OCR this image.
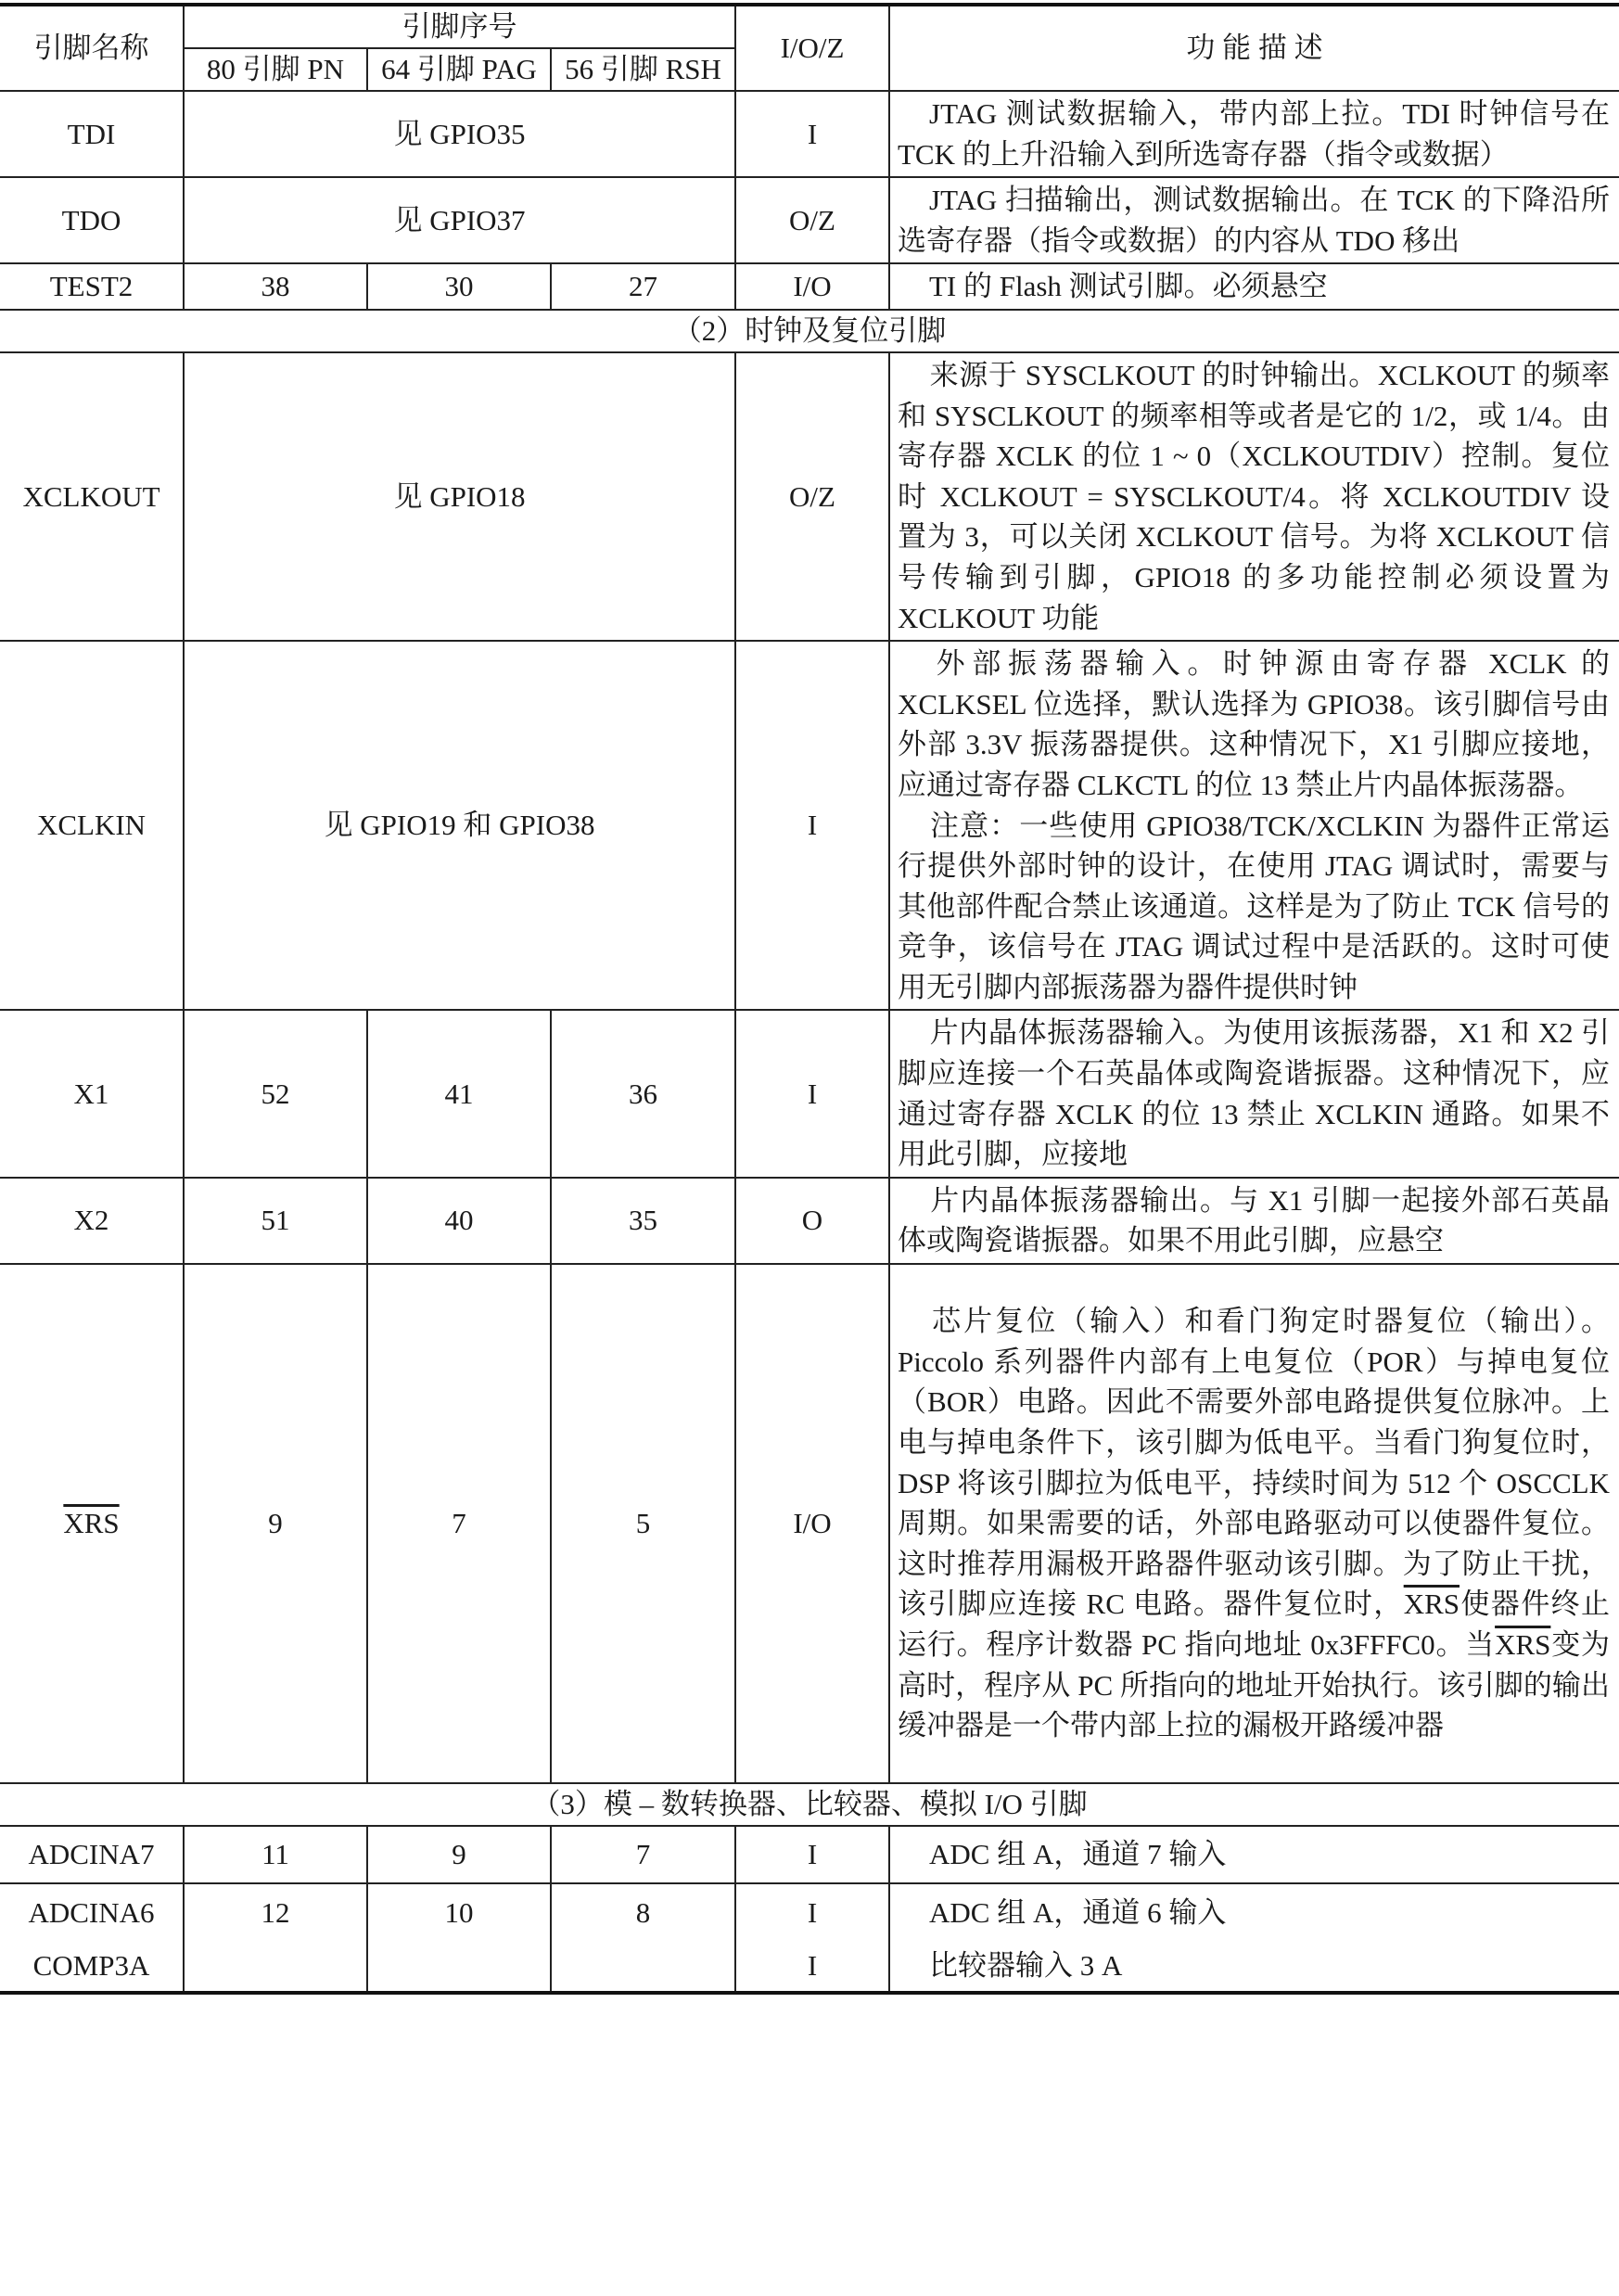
引脚名称	引脚序号			I/O/Z	功 能 描 述
	80 引脚 PN	64 引脚 PAG	56 引脚 RSH		
TDI	见 GPIO35			I	JTAG 测试数据输入，带内部上拉。TDI 时钟信号在 TCK 的上升沿输入到所选寄存器（指令或数据）
TDO	见 GPIO37			O/Z	JTAG 扫描输出，测试数据输出。在 TCK 的下降沿所选寄存器（指令或数据）的内容从 TDO 移出
TEST2	38	30	27	I/O	TI 的 Flash 测试引脚。必须悬空
（2）时钟及复位引脚					
XCLKOUT	见 GPIO18			O/Z	来源于 SYSCLKOUT 的时钟输出。XCLKOUT 的频率和 SYSCLKOUT 的频率相等或者是它的 1/2，或 1/4。由寄存器 XCLK 的位 1 ~ 0（XCLKOUTDIV）控制。复位时 XCLKOUT = SYSCLKOUT/4。将 XCLKOUTDIV 设置为 3，可以关闭 XCLKOUT 信号。为将 XCLKOUT 信号传输到引脚，GPIO18 的多功能控制必须设置为 XCLKOUT 功能
XCLKIN	见 GPIO19 和 GPIO38			I	外部振荡器输入。时钟源由寄存器 XCLK 的 XCLKSEL 位选择，默认选择为 GPIO38。该引脚信号由外部 3.3V 振荡器提供。这种情况下，X1 引脚应接地，应通过寄存器 CLKCTL 的位 13 禁止片内晶体振荡器。
注意：一些使用 GPIO38/TCK/XCLKIN 为器件正常运行提供外部时钟的设计，在使用 JTAG 调试时，需要与其他部件配合禁止该通道。这样是为了防止 TCK 信号的竞争，该信号在 JTAG 调试过程中是活跃的。这时可使用无引脚内部振荡器为器件提供时钟
X1	52	41	36	I	片内晶体振荡器输入。为使用该振荡器，X1 和 X2 引脚应连接一个石英晶体或陶瓷谐振器。这种情况下，应通过寄存器 XCLK 的位 13 禁止 XCLKIN 通路。如果不用此引脚，应接地
X2	51	40	35	O	片内晶体振荡器输出。与 X1 引脚一起接外部石英晶体或陶瓷谐振器。如果不用此引脚，应悬空
$\overline{XRS}$	9	7	5	I/O	芯片复位（输入）和看门狗定时器复位（输出）。Piccolo 系列器件内部有上电复位（POR）与掉电复位（BOR）电路。因此不需要外部电路提供复位脉冲。上电与掉电条件下，该引脚为低电平。当看门狗复位时，DSP 将该引脚拉为低电平，持续时间为 512 个 OSCCLK 周期。如果需要的话，外部电路驱动可以使器件复位。这时推荐用漏极开路器件驱动该引脚。为了防止干扰，该引脚应连接 RC 电路。器件复位时，$\overline{XRS}$使器件终止运行。程序计数器 PC 指向地址 0x3FFFC0。当$\overline{XRS}$变为高时，程序从 PC 所指向的地址开始执行。该引脚的输出缓冲器是一个带内部上拉的漏极开路缓冲器
（3）模 – 数转换器、比较器、模拟 I/O 引脚					
ADCINA7	11	9	7	I	ADC 组 A，通道 7 输入
ADCINA6	12	10	8	I	ADC 组 A，通道 6 输入
COMP3A				I	比较器输入 3 A
